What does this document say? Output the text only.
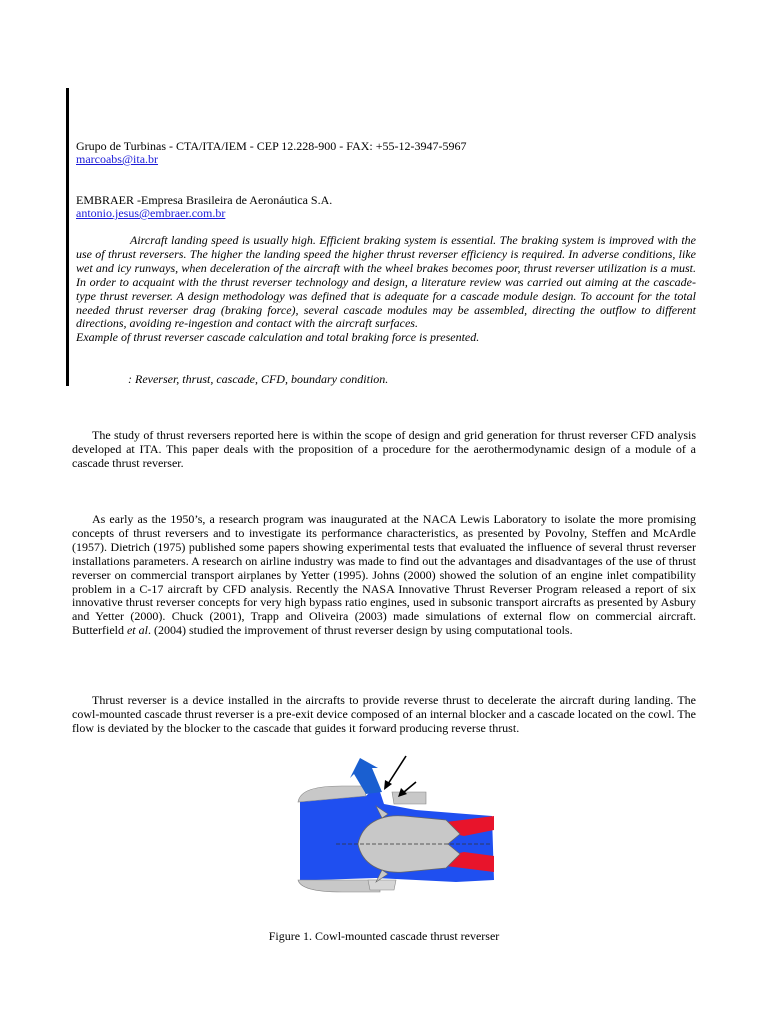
Grupo de Turbinas - CTA/ITA/IEM - CEP 12.228-900 - FAX: +55-12-3947-5967
marcoabs@ita.br

EMBRAER -Empresa Brasileira de Aeronáutica S.A.
antonio.jesus@embraer.com.br

Aircraft landing speed is usually high. Efficient braking system is essential. The braking system is improved with the use of thrust reversers. The higher the landing speed the higher thrust reverser efficiency is required. In adverse conditions, like wet and icy runways, when deceleration of the aircraft with the wheel brakes becomes poor, thrust reverser utilization is a must. In order to acquaint with the thrust reverser technology and design, a literature review was carried out aiming at the cascade-type thrust reverser. A design methodology was defined that is adequate for a cascade module design. To account for the total needed thrust reverser drag (braking force), several cascade modules may be assembled, directing the outflow to different directions, avoiding re-ingestion and contact with the aircraft surfaces.
Example of thrust reverser cascade calculation and total braking force is presented.

: Reverser, thrust, cascade, CFD, boundary condition.

The study of thrust reversers reported here is within the scope of design and grid generation for thrust reverser CFD analysis developed at ITA. This paper deals with the proposition of a procedure for the aerothermodynamic design of a module of a cascade thrust reverser.

As early as the 1950’s, a research program was inaugurated at the NACA Lewis Laboratory to isolate the more promising concepts of thrust reversers and to investigate its performance characteristics, as presented by Povolny, Steffen and McArdle (1957). Dietrich (1975) published some papers showing experimental tests that evaluated the influence of several thrust reverser installations parameters. A research on airline industry was made to find out the advantages and disadvantages of the use of thrust reverser on commercial transport airplanes by Yetter (1995). Johns (2000) showed the solution of an engine inlet compatibility problem in a C-17 aircraft by CFD analysis. Recently the NASA Innovative Thrust Reverser Program released a report of six innovative thrust reverser concepts for very high bypass ratio engines, used in subsonic transport aircrafts as presented by Asbury and Yetter (2000). Chuck (2001), Trapp and Oliveira (2003) made simulations of external flow on commercial aircraft. Butterfield et al. (2004) studied the improvement of thrust reverser design by using computational tools.

Thrust reverser is a device installed in the aircrafts to provide reverse thrust to decelerate the aircraft during landing. The cowl-mounted cascade thrust reverser is a pre-exit device composed of an internal blocker and a cascade located on the cowl. The flow is deviated by the blocker to the cascade that guides it forward producing reverse thrust.

Figure 1. Cowl-mounted cascade thrust reverser
